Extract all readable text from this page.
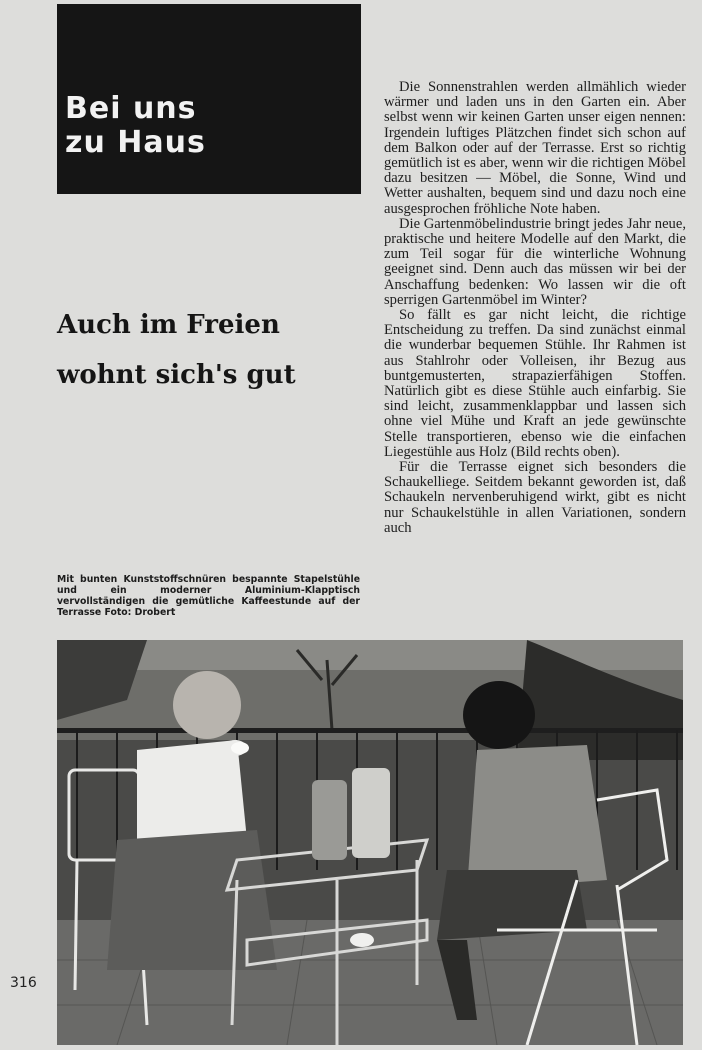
Bei uns
zu Haus
Auch im Freien
wohnt sich's gut

Die Sonnenstrahlen werden allmählich wieder wärmer und laden uns in den Garten ein. Aber selbst wenn wir keinen Garten unser eigen nennen: Irgendein luftiges Plätzchen findet sich schon auf dem Balkon oder auf der Terrasse. Erst so richtig gemütlich ist es aber, wenn wir die richtigen Möbel dazu besitzen — Möbel, die Sonne, Wind und Wetter aushalten, bequem sind und dazu noch eine ausgesprochen fröhliche Note haben.

Die Gartenmöbelindustrie bringt jedes Jahr neue, praktische und heitere Modelle auf den Markt, die zum Teil sogar für die winterliche Wohnung geeignet sind. Denn auch das müssen wir bei der Anschaffung bedenken: Wo lassen wir die oft sperrigen Gartenmöbel im Winter?

So fällt es gar nicht leicht, die richtige Entscheidung zu treffen. Da sind zunächst einmal die wunderbar bequemen Stühle. Ihr Rahmen ist aus Stahlrohr oder Volleisen, ihr Bezug aus buntgemusterten, strapazierfähigen Stoffen. Natürlich gibt es diese Stühle auch einfarbig. Sie sind leicht, zusammenklappbar und lassen sich ohne viel Mühe und Kraft an jede gewünschte Stelle transportieren, ebenso wie die einfachen Liegestühle aus Holz (Bild rechts oben).

Für die Terrasse eignet sich besonders die Schaukelliege. Seitdem bekannt geworden ist, daß Schaukeln nervenberuhigend wirkt, gibt es nicht nur Schaukelstühle in allen Variationen, sondern auch

Mit bunten Kunststoffschnüren bespannte Stapelstühle und ein moderner Aluminium-Klapptisch vervollständigen die gemütliche Kaffeestunde auf der Terrasse Foto: Drobert
316
